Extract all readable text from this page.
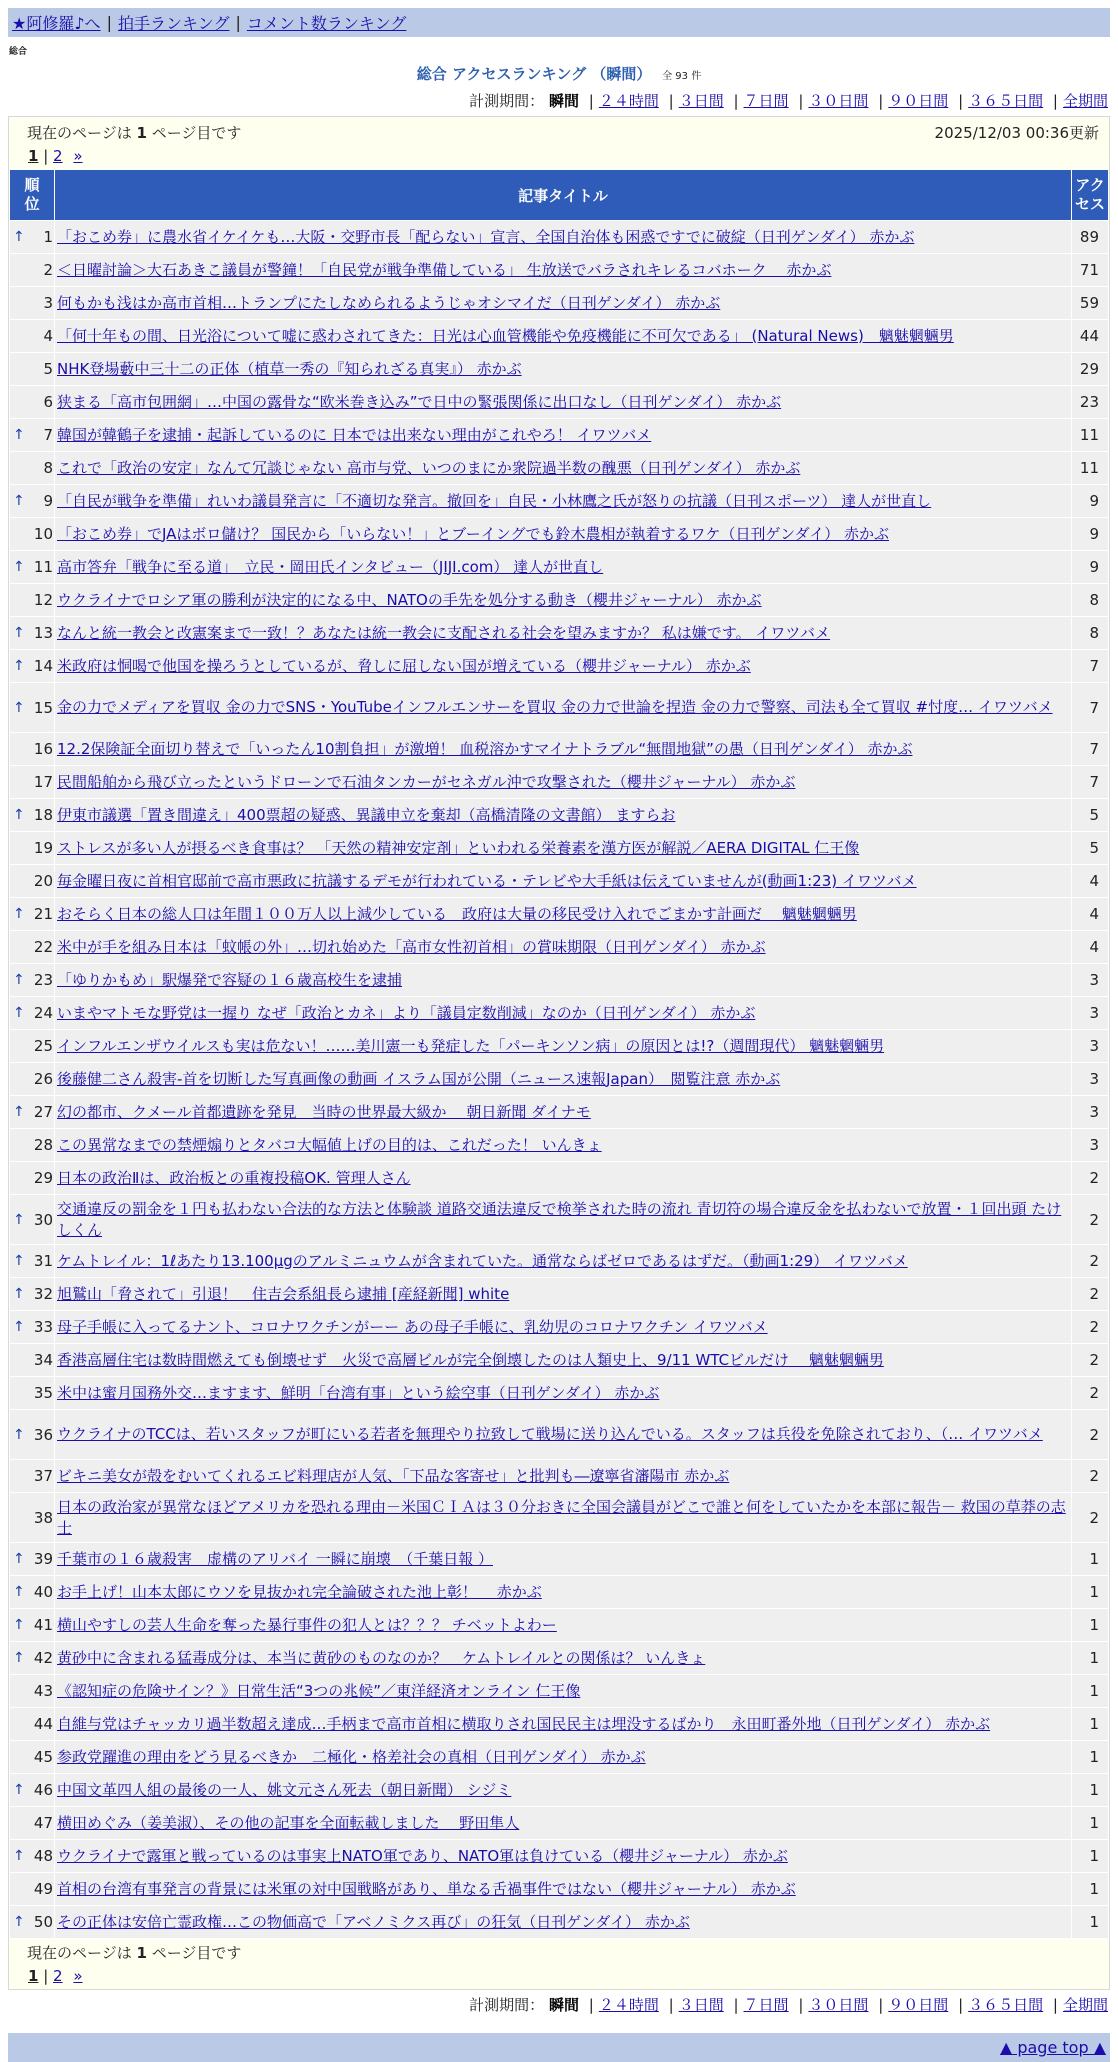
★阿修羅♪へ | 拍手ランキング | コメント数ランキング
総合
総合 アクセスランキング （瞬間） 全 93 件
計測期間： 瞬間 | ２４時間 | ３日間 | ７日間 | ３０日間 | ９０日間 | ３６５日間 | 全期間
現在のページは 1 ページ目です	2025/12/03 00:36更新
1 | 2 »
順位	記事タイトル	アクセス

↑ 1	「おこめ券」に農水省イケイケも…大阪・交野市長「配らない」宣言、全国自治体も困惑ですでに破綻（日刊ゲンダイ） 赤かぶ	89
2	＜日曜討論＞大石あきこ議員が警鐘！「自民党が戦争準備している」 生放送でバラされキレるコバホーク　 赤かぶ	71
3	何もかも浅はか高市首相…トランプにたしなめられるようじゃオシマイだ（日刊ゲンダイ） 赤かぶ	59
4	「何十年もの間、日光浴について嘘に惑わされてきた：日光は心血管機能や免疫機能に不可欠である」 (Natural News)　魑魅魍魎男	44
5	NHK登場藪中三十二の正体（植草一秀の『知られざる真実』） 赤かぶ	29
6	狭まる「高市包囲網」…中国の露骨な“欧米巻き込み”で日中の緊張関係に出口なし（日刊ゲンダイ） 赤かぶ	23

↑ 7	韓国が韓鶴子を逮捕・起訴しているのに 日本では出来ない理由がこれやろ！ イワツバメ	11
8	これで「政治の安定」なんて冗談じゃない 高市与党、いつのまにか衆院過半数の醜悪（日刊ゲンダイ） 赤かぶ	11

↑ 9	「自民が戦争を準備」れいわ議員発言に「不適切な発言。撤回を」自民・小林鷹之氏が怒りの抗議（日刊スポーツ） 達人が世直し	9
10	「おこめ券」でJAはボロ儲け？ 国民から「いらない！」とブーイングでも鈴木農相が執着するワケ（日刊ゲンダイ） 赤かぶ	9

↑ 11	高市答弁「戦争に至る道」　立民・岡田氏インタビュー（JIJI.com） 達人が世直し	9
12	ウクライナでロシア軍の勝利が決定的になる中、NATOの手先を処分する動き（櫻井ジャーナル） 赤かぶ	8

↑ 13	なんと統一教会と改憲案まで一致！？あなたは統一教会に支配される社会を望みますか？ 私は嫌です。 イワツバメ	8

↑ 14	米政府は恫喝で他国を操ろうとしているが、脅しに屈しない国が増えている（櫻井ジャーナル） 赤かぶ	7

↑ 15	金の力でメディアを買収 金の力でSNS・YouTubeインフルエンサーを買収 金の力で世論を捏造 金の力で警察、司法も全て買収 #忖度… イワツバメ	7
16	12.2保険証全面切り替えで「いったん10割負担」が激増！ 血税溶かすマイナトラブル“無間地獄”の愚（日刊ゲンダイ） 赤かぶ	7
17	民間船舶から飛び立ったというドローンで石油タンカーがセネガル沖で攻撃された（櫻井ジャーナル） 赤かぶ	7

↑ 18	伊東市議選「置き間違え」400票超の疑惑、異議申立を棄却（高橋清隆の文書館） ますらお	5
19	ストレスが多い人が摂るべき食事は？ 「天然の精神安定剤」といわれる栄養素を漢方医が解説／AERA DIGITAL 仁王像	5
20	毎金曜日夜に首相官邸前で高市悪政に抗議するデモが行われている・テレビや大手紙は伝えていませんが(動画1:23) イワツバメ	4

↑ 21	おそらく日本の総人口は年間１００万人以上減少している　政府は大量の移民受け入れでごまかす計画だ　 魑魅魍魎男	4
22	米中が手を組み日本は「蚊帳の外」…切れ始めた「高市女性初首相」の賞味期限（日刊ゲンダイ） 赤かぶ	4

↑ 23	「ゆりかもめ」駅爆発で容疑の１６歳高校生を逮捕	3

↑ 24	いまやマトモな野党は一握り なぜ「政治とカネ」より「議員定数削減」なのか（日刊ゲンダイ） 赤かぶ	3
25	インフルエンザウイルスも実は危ない！……美川憲一も発症した「パーキンソン病」の原因とは!?（週間現代） 魑魅魍魎男	3
26	後藤健二さん殺害-首を切断した写真画像の動画 イスラム国が公開（ニュース速報Japan）　閲覧注意 赤かぶ	3

↑ 27	幻の都市、クメール首都遺跡を発見　当時の世界最大級か　 朝日新聞 ダイナモ	3
28	この異常なまでの禁煙煽りとタバコ大幅値上げの目的は、これだった！ いんきょ	3
29	日本の政治Ⅱは、政治板との重複投稿OK. 管理人さん	2

↑ 30	交通違反の罰金を１円も払わない合法的な方法と体験談 道路交通法違反で検挙された時の流れ 青切符の場合違反金を払わないで放置・１回出頭 たけしくん	2

↑ 31	ケムトレイル：1ℓあたり13.100μgのアルミニュウムが含まれていた。通常ならばゼロであるはずだ。（動画1:29） イワツバメ	2

↑ 32	旭鷲山「脅されて」引退！　住吉会系組長ら逮捕 [産経新聞] white	2

↑ 33	母子手帳に入ってるナント、コロナワクチンがーー あの母子手帳に、乳幼児のコロナワクチン イワツバメ	2
34	香港高層住宅は数時間燃えても倒壊せず　火災で高層ビルが完全倒壊したのは人類史上、9/11 WTCビルだけ　 魑魅魍魎男	2
35	米中は蜜月国務外交…ますます、鮮明「台湾有事」という絵空事（日刊ゲンダイ） 赤かぶ	2

↑ 36	ウクライナのTCCは、若いスタッフが町にいる若者を無理やり拉致して戦場に送り込んでいる。スタッフは兵役を免除されており、（… イワツバメ	2
37	ビキニ美女が殻をむいてくれるエビ料理店が人気、「下品な客寄せ」と批判も―遼寧省瀋陽市 赤かぶ	2
38	日本の政治家が異常なほどアメリカを恐れる理由－米国ＣＩＡは３０分おきに全国会議員がどこで誰と何をしていたかを本部に報告－ 救国の草莽の志士	2

↑ 39	千葉市の１６歳殺害　虚構のアリバイ 一瞬に崩壊　（千葉日報 ）	1

↑ 40	お手上げ！山本太郎にウソを見抜かれ完全論破された池上彰！　 赤かぶ	1

↑ 41	横山やすしの芸人生命を奪った暴行事件の犯人とは？？？ チベットよわー	1

↑ 42	黄砂中に含まれる猛毒成分は、本当に黄砂のものなのか？　ケムトレイルとの関係は？ いんきょ	1
43	《認知症の危険サイン？》日常生活“3つの兆候”／東洋経済オンライン 仁王像	1
44	自維与党はチャッカリ過半数超え達成…手柄まで高市首相に横取りされ国民民主は埋没するばかり　永田町番外地（日刊ゲンダイ） 赤かぶ	1
45	参政党躍進の理由をどう見るべきか　二極化・格差社会の真相（日刊ゲンダイ） 赤かぶ	1

↑ 46	中国文革四人組の最後の一人、姚文元さん死去（朝日新聞） シジミ	1
47	横田めぐみ（姜美淑）、その他の記事を全面転載しました　 野田隼人	1

↑ 48	ウクライナで露軍と戦っているのは事実上NATO軍であり、NATO軍は負けている（櫻井ジャーナル） 赤かぶ	1
49	首相の台湾有事発言の背景には米軍の対中国戦略があり、単なる舌禍事件ではない（櫻井ジャーナル） 赤かぶ	1

↑ 50	その正体は安倍亡霊政権…この物価高で「アベノミクス再び」の狂気（日刊ゲンダイ） 赤かぶ	1
現在のページは 1 ページ目です
1 | 2 »
計測期間： 瞬間 | ２４時間 | ３日間 | ７日間 | ３０日間 | ９０日間 | ３６５日間 | 全期間
▲ page top ▲
